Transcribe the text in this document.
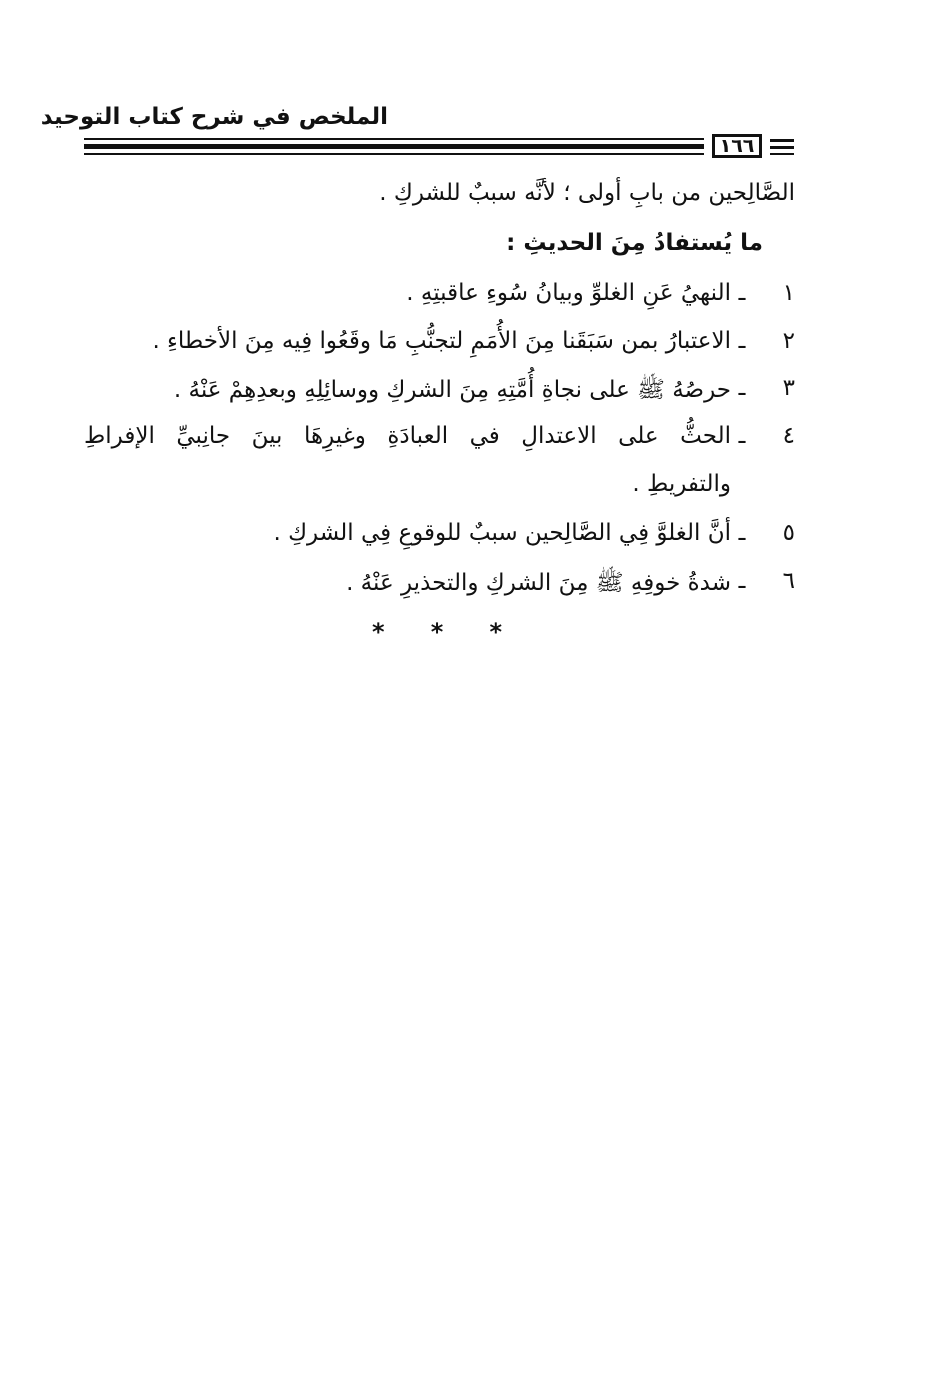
الملخص في شرح كتاب التوحيد
١٦٦
الصَّالِحين من بابِ أولى ؛ لأنَّه سببٌ للشركِ .
ما يُستفادُ مِنَ الحديثِ :
١
ـ
النهيُ عَنِ الغلوِّ وبيانُ سُوءِ عاقبتِهِ .
٢
ـ
الاعتبارُ بمن سَبَقَنا مِنَ الأُمَمِ لتجنُّبِ مَا وقَعُوا فِيه مِنَ الأخطاءِ .
٣
ـ
حرصُهُ ﷺ على نجاةِ أُمَّتِهِ مِنَ الشركِ ووسائِلِهِ وبعدِهِمْ عَنْهُ .
٤
ـ
الحثُّ على الاعتدالِ في العبادَةِ وغيرِهَا بينَ جانِبيِّ الإفراطِ
والتفريطِ .
٥
ـ
أنَّ الغلوَّ فِي الصَّالِحين سببٌ للوقوعِ فِي الشركِ .
٦
ـ
شدةُ خوفِهِ ﷺ مِنَ الشركِ والتحذيرِ عَنْهُ .
* * *
